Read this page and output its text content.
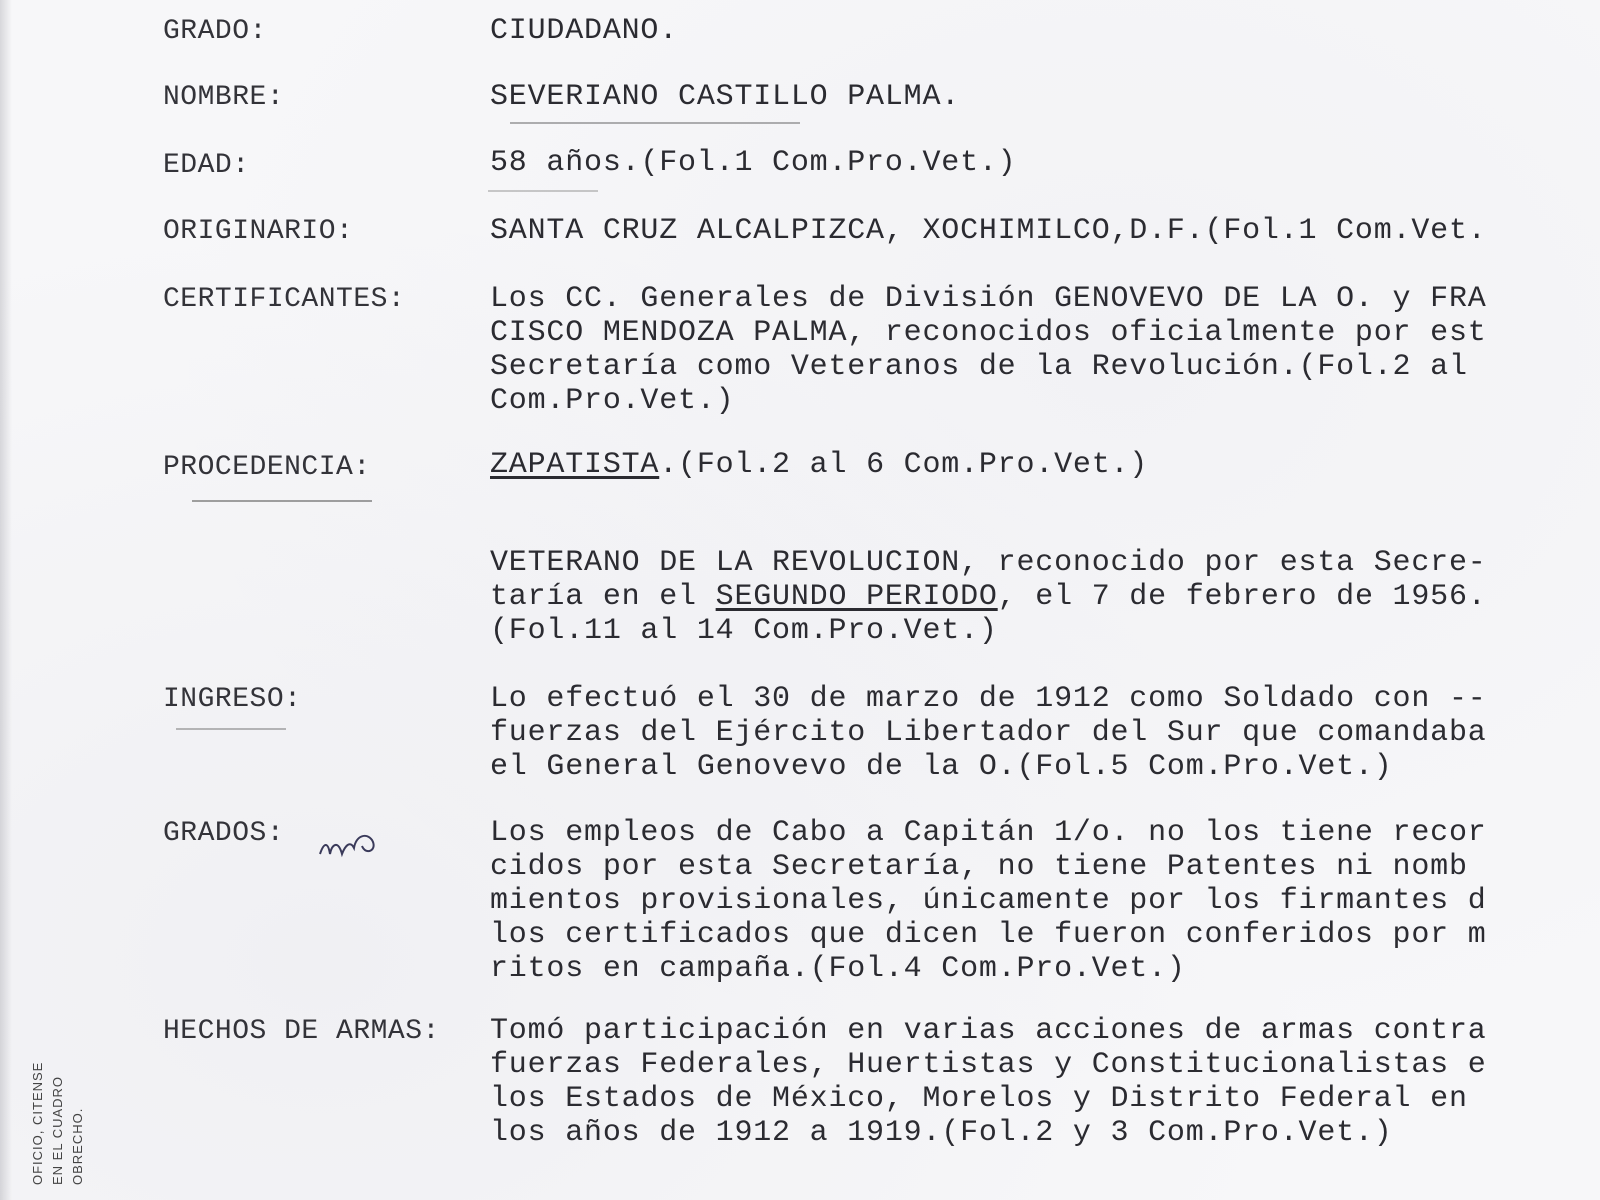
GRADO:	CIUDADANO.
NOMBRE:	SEVERIANO CASTILLO PALMA.
EDAD:	58 años.(Fol.1 Com.Pro.Vet.)
ORIGINARIO:	SANTA CRUZ ALCALPIZCA, XOCHIMILCO,D.F.(Fol.1 Com.Vet.
CERTIFICANTES:	Los CC. Generales de División GENOVEVO DE LA O. y FRA
CISCO MENDOZA PALMA, reconocidos oficialmente por est
Secretaría como Veteranos de la Revolución.(Fol.2 al
Com.Pro.Vet.)
PROCEDENCIA:	ZAPATISTA.(Fol.2 al 6 Com.Pro.Vet.)
VETERANO DE LA REVOLUCION, reconocido por esta Secre-
taría en el SEGUNDO PERIODO, el 7 de febrero de 1956.
(Fol.11 al 14 Com.Pro.Vet.)
INGRESO:	Lo efectuó el 30 de marzo de 1912 como Soldado con --
fuerzas del Ejército Libertador del Sur que comandaba
el General Genovevo de la O.(Fol.5 Com.Pro.Vet.)
GRADOS:	Los empleos de Cabo a Capitán 1/o. no los tiene recor
cidos por esta Secretaría, no tiene Patentes ni nomb
mientos provisionales, únicamente por los firmantes d
los certificados que dicen le fueron conferidos por m
ritos en campaña.(Fol.4 Com.Pro.Vet.)
HECHOS DE ARMAS: Tomó participación en varias acciones de armas contra
fuerzas Federales, Huertistas y Constitucionalistas e
los Estados de México, Morelos y Distrito Federal en
los años de 1912 a 1919.(Fol.2 y 3 Com.Pro.Vet.)
OFICIO, CITENSE EN EL CUADRO OBRECHO.
